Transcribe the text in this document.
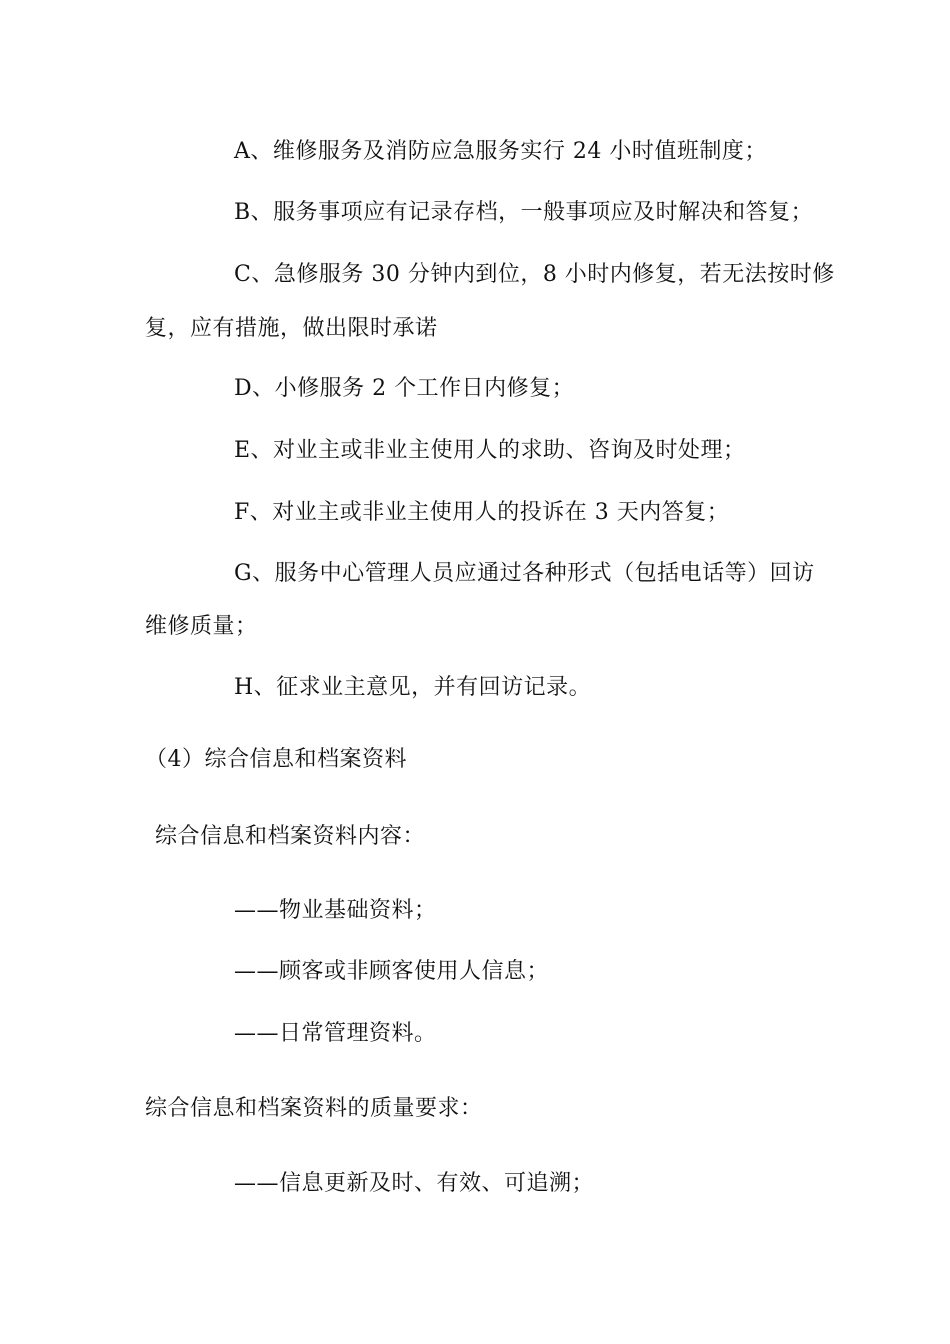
A、维修服务及消防应急服务实行 24 小时值班制度；
B、服务事项应有记录存档，一般事项应及时解决和答复；
C、急修服务 30 分钟内到位，8 小时内修复，若无法按时修
复，应有措施，做出限时承诺
D、小修服务 2 个工作日内修复；
E、对业主或非业主使用人的求助、咨询及时处理；
F、对业主或非业主使用人的投诉在 3 天内答复；
G、服务中心管理人员应通过各种形式（包括电话等）回访
维修质量；
H、征求业主意见，并有回访记录。
（4）综合信息和档案资料
综合信息和档案资料内容：
——物业基础资料；
——顾客或非顾客使用人信息；
——日常管理资料。
综合信息和档案资料的质量要求：
——信息更新及时、有效、可追溯；
